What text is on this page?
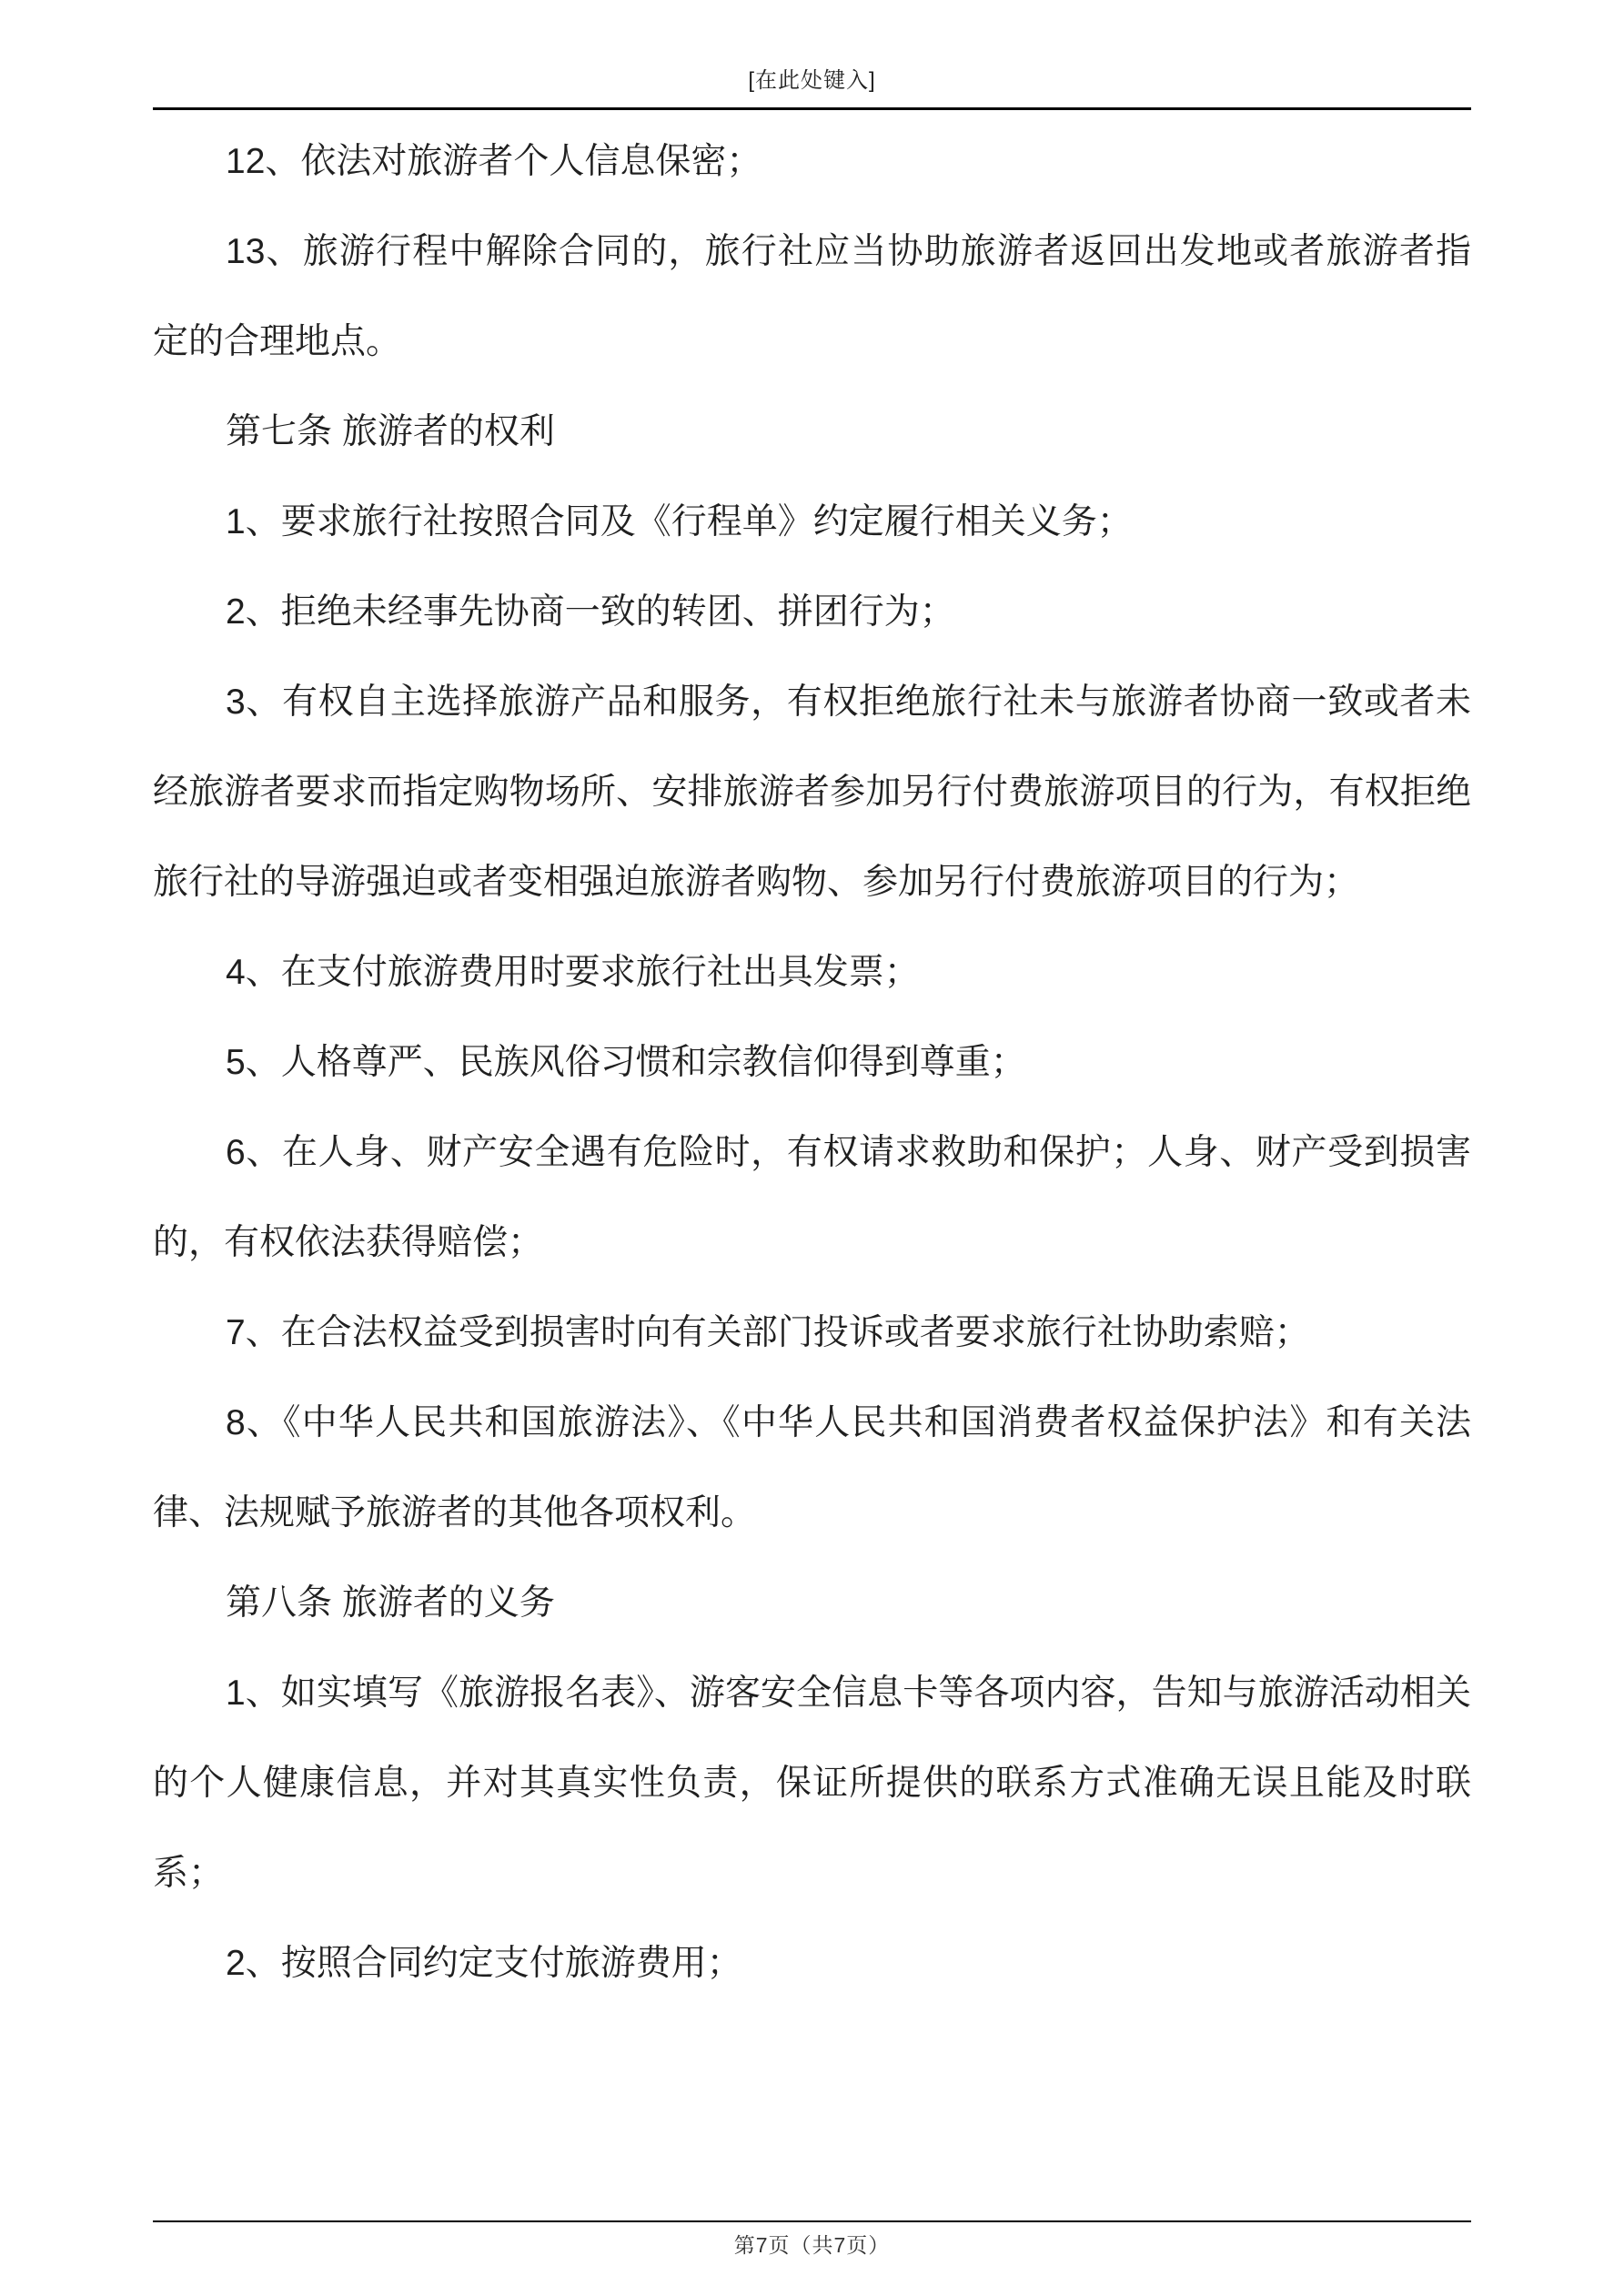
[在此处键入]

12、依法对旅游者个人信息保密；

13、旅游行程中解除合同的，旅行社应当协助旅游者返回出发地或者旅游者指定的合理地点。

第七条 旅游者的权利

1、要求旅行社按照合同及《行程单》约定履行相关义务；

2、拒绝未经事先协商一致的转团、拼团行为；

3、有权自主选择旅游产品和服务，有权拒绝旅行社未与旅游者协商一致或者未经旅游者要求而指定购物场所、安排旅游者参加另行付费旅游项目的行为，有权拒绝旅行社的导游强迫或者变相强迫旅游者购物、参加另行付费旅游项目的行为；

4、在支付旅游费用时要求旅行社出具发票；

5、人格尊严、民族风俗习惯和宗教信仰得到尊重；

6、在人身、财产安全遇有危险时，有权请求救助和保护；人身、财产受到损害的，有权依法获得赔偿；

7、在合法权益受到损害时向有关部门投诉或者要求旅行社协助索赔；

8、《中华人民共和国旅游法》、《中华人民共和国消费者权益保护法》和有关法律、法规赋予旅游者的其他各项权利。

第八条 旅游者的义务

1、如实填写《旅游报名表》、游客安全信息卡等各项内容，告知与旅游活动相关的个人健康信息，并对其真实性负责，保证所提供的联系方式准确无误且能及时联系；

2、按照合同约定支付旅游费用；

第7页（共7页）
